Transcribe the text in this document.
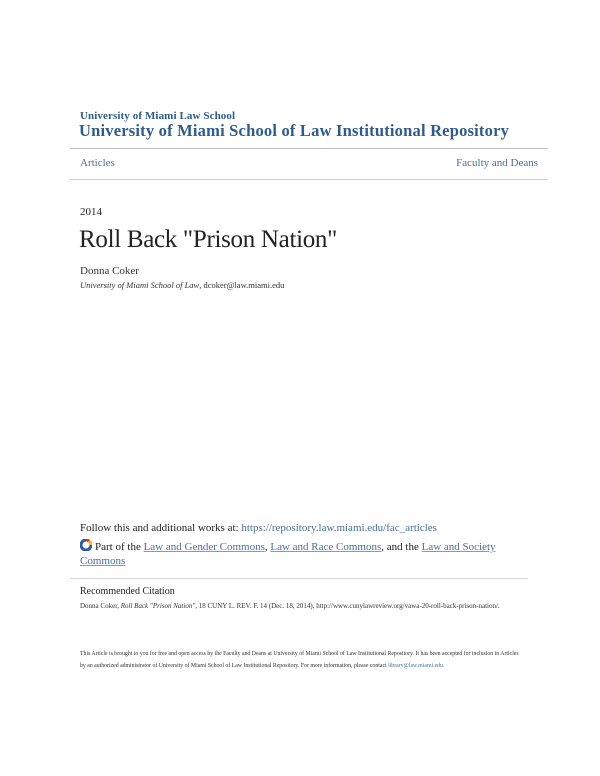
University of Miami Law School
University of Miami School of Law Institutional Repository
Articles	Faculty and Deans
2014
Roll Back "Prison Nation"
Donna Coker
University of Miami School of Law, dcoker@law.miami.edu
Follow this and additional works at: https://repository.law.miami.edu/fac_articles
Part of the Law and Gender Commons, Law and Race Commons, and the Law and Society Commons
Recommended Citation
Donna Coker, Roll Back "Prison Nation", 18 CUNY L. REV. F. 14 (Dec. 18, 2014), http://www.cunylawreview.org/vawa-20-roll-back-prison-nation/.
This Article is brought to you for free and open access by the Faculty and Deans at University of Miami School of Law Institutional Repository. It has been accepted for inclusion in Articles by an authorized administrator of University of Miami School of Law Institutional Repository. For more information, please contact library@law.miami.edu.
